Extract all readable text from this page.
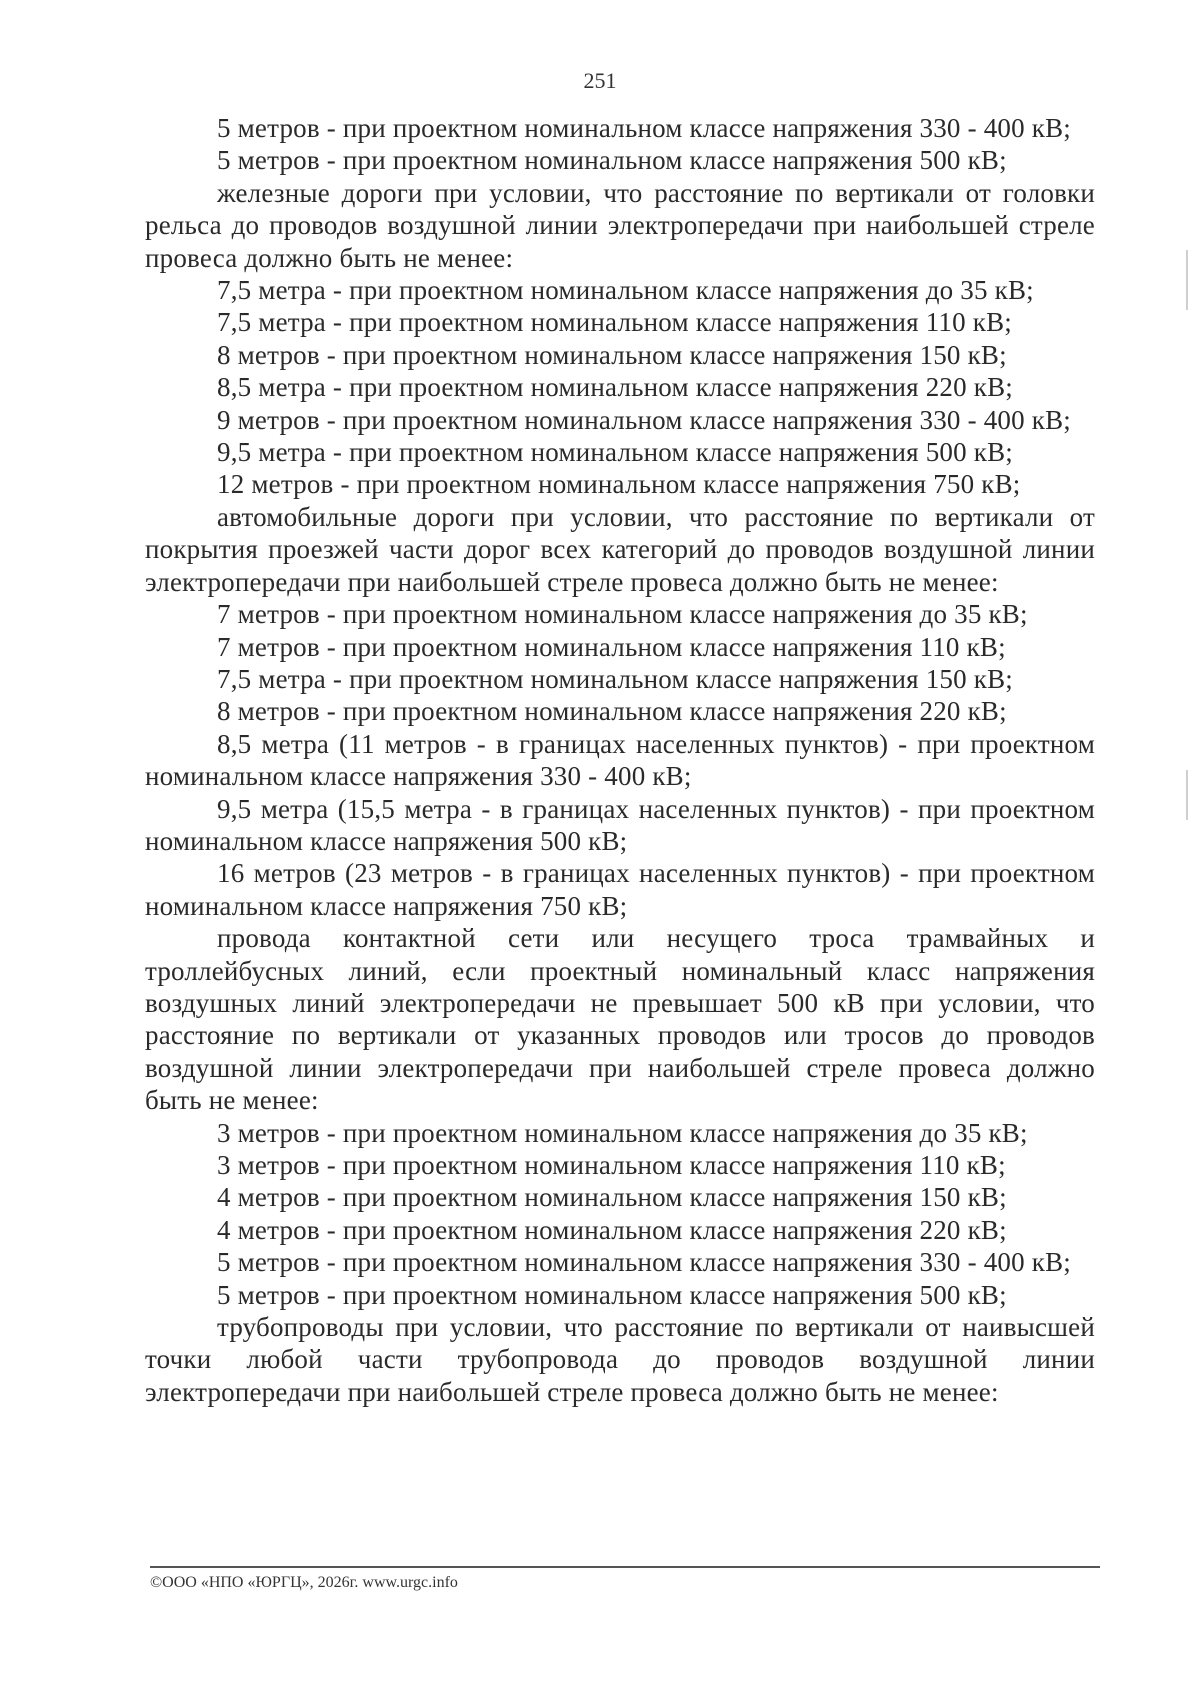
251

5 метров - при проектном номинальном классе напряжения 330 - 400 кВ;

5 метров - при проектном номинальном классе напряжения 500 кВ;

железные дороги при условии, что расстояние по вертикали от головки рельса до проводов воздушной линии электропередачи при наибольшей стреле провеса должно быть не менее:

7,5 метра - при проектном номинальном классе напряжения до 35 кВ;

7,5 метра - при проектном номинальном классе напряжения 110 кВ;

8 метров - при проектном номинальном классе напряжения 150 кВ;

8,5 метра - при проектном номинальном классе напряжения 220 кВ;

9 метров - при проектном номинальном классе напряжения 330 - 400 кВ;

9,5 метра - при проектном номинальном классе напряжения 500 кВ;

12 метров - при проектном номинальном классе напряжения 750 кВ;

автомобильные дороги при условии, что расстояние по вертикали от покрытия проезжей части дорог всех категорий до проводов воздушной линии электропередачи при наибольшей стреле провеса должно быть не менее:

7 метров - при проектном номинальном классе напряжения до 35 кВ;

7 метров - при проектном номинальном классе напряжения 110 кВ;

7,5 метра - при проектном номинальном классе напряжения 150 кВ;

8 метров - при проектном номинальном классе напряжения 220 кВ;

8,5 метра (11 метров - в границах населенных пунктов) - при проектном номинальном классе напряжения 330 - 400 кВ;

9,5 метра (15,5 метра - в границах населенных пунктов) - при проектном номинальном классе напряжения 500 кВ;

16 метров (23 метров - в границах населенных пунктов) - при проектном номинальном классе напряжения 750 кВ;

провода контактной сети или несущего троса трамвайных и троллейбусных линий, если проектный номинальный класс напряжения воздушных линий электропередачи не превышает 500 кВ при условии, что расстояние по вертикали от указанных проводов или тросов до проводов воздушной линии электропередачи при наибольшей стреле провеса должно быть не менее:

3 метров - при проектном номинальном классе напряжения до 35 кВ;

3 метров - при проектном номинальном классе напряжения 110 кВ;

4 метров - при проектном номинальном классе напряжения 150 кВ;

4 метров - при проектном номинальном классе напряжения 220 кВ;

5 метров - при проектном номинальном классе напряжения 330 - 400 кВ;

5 метров - при проектном номинальном классе напряжения 500 кВ;

трубопроводы при условии, что расстояние по вертикали от наивысшей точки любой части трубопровода до проводов воздушной линии электропередачи при наибольшей стреле провеса должно быть не менее:

©ООО «НПО «ЮРГЦ», 2026г. www.urgc.info
